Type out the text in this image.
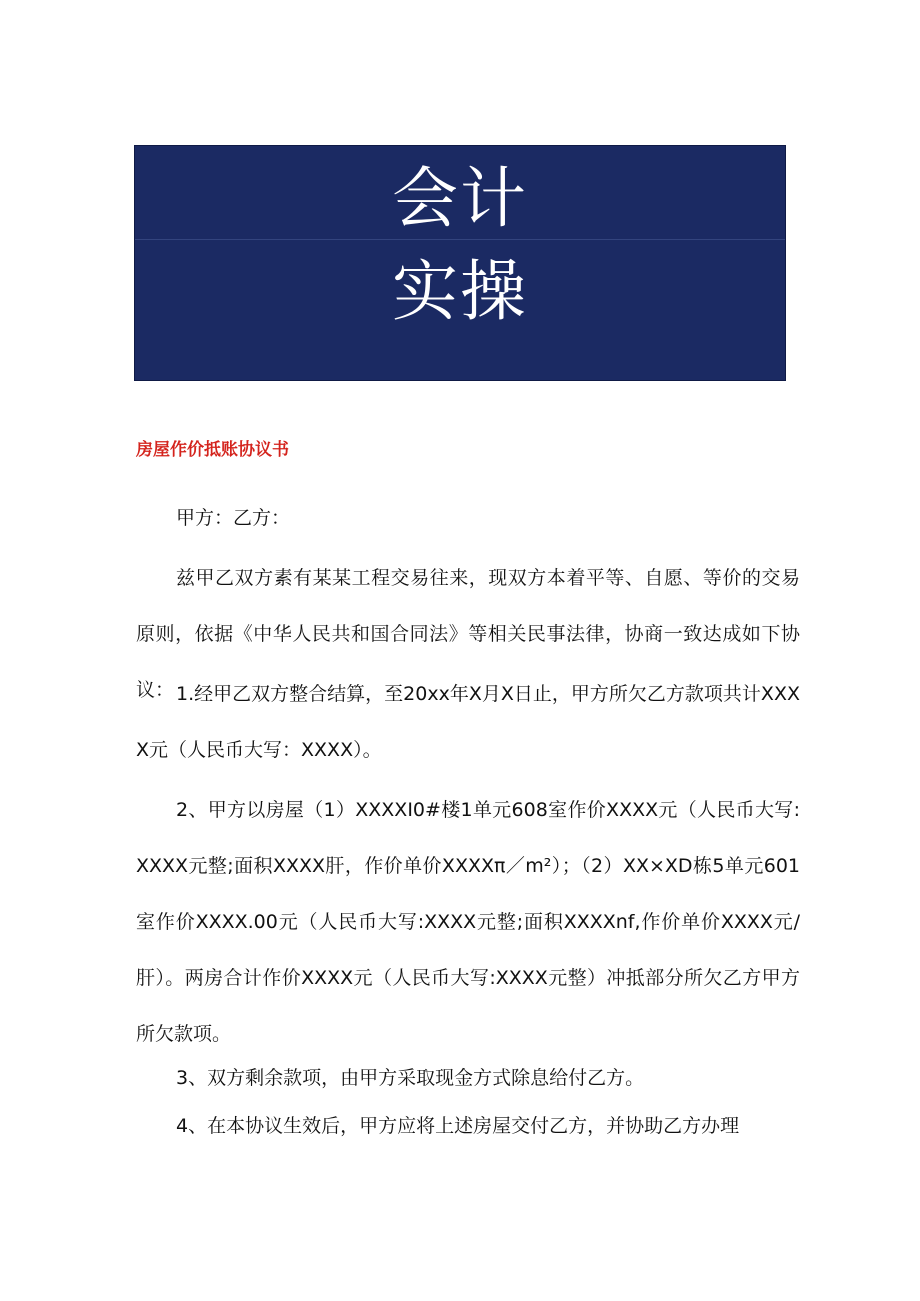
会计
实操
房屋作价抵账协议书
甲方：乙方：
兹甲乙双方素有某某工程交易往来，现双方本着平等、自愿、等价的交易原则，依据《中华人民共和国合同法》等相关民事法律，协商一致达成如下协议： 1.经甲乙双方整合结算，至20xx年X月X日止，甲方所欠乙方款项共计XXXX元（人民币大写：XXXX）。
2、甲方以房屋（1）XXXXI0#楼1单元608室作价XXXX元（人民币大写:XXXX元整;面积XXXX肝，作价单价XXXXπ／m²）；（2）XX×XD栋5单元601室作价XXXX.00元（人民币大写:XXXX元整;面积XXXXnf,作价单价XXXX元/肝）。两房合计作价XXXX元（人民币大写:XXXX元整）冲抵部分所欠乙方甲方所欠款项。
3、双方剩余款项，由甲方采取现金方式除息给付乙方。
4、在本协议生效后，甲方应将上述房屋交付乙方，并协助乙方办理
